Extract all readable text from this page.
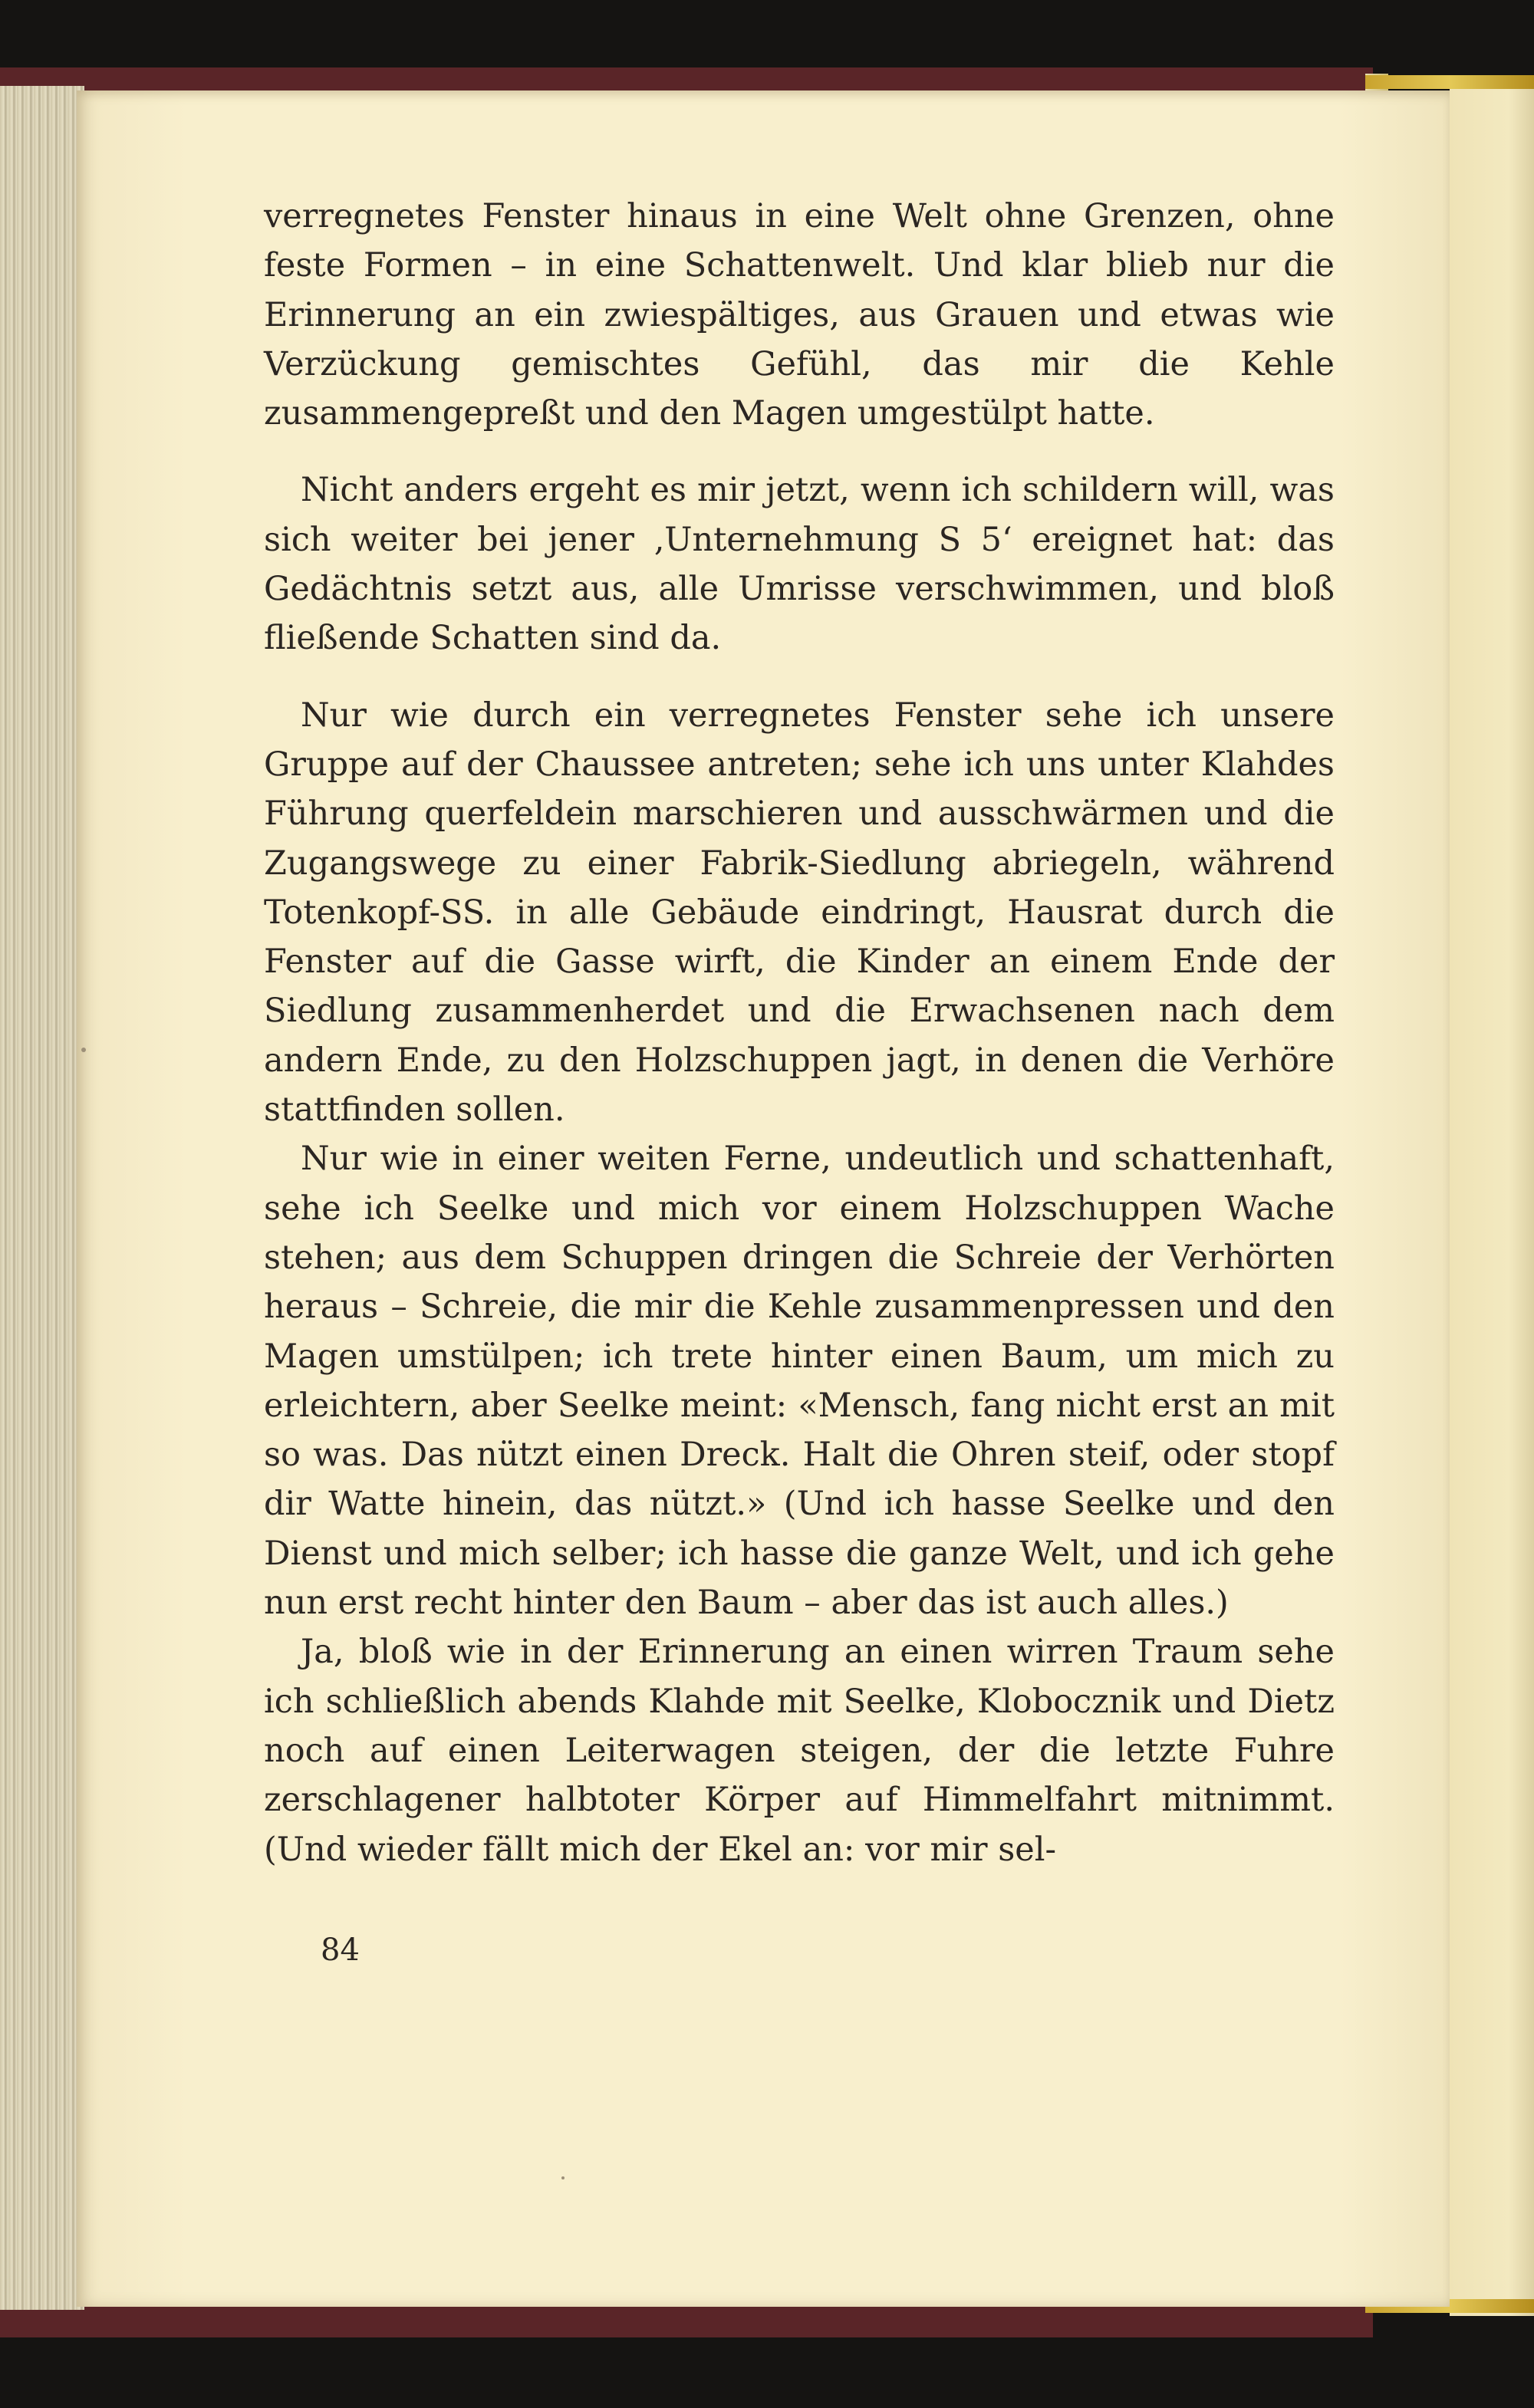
verregnetes Fenster hinaus in eine Welt ohne Grenzen, ohne feste Formen – in eine Schattenwelt. Und klar blieb nur die Erinnerung an ein zwiespältiges, aus Grauen und etwas wie Verzückung gemischtes Gefühl, das mir die Kehle zusammengepreßt und den Magen umgestülpt hatte.

Nicht anders ergeht es mir jetzt, wenn ich schildern will, was sich weiter bei jener ‚Unternehmung S 5‘ ereignet hat: das Gedächtnis setzt aus, alle Umrisse verschwimmen, und bloß fließende Schatten sind da.

Nur wie durch ein verregnetes Fenster sehe ich unsere Gruppe auf der Chaussee antreten; sehe ich uns unter Klahdes Führung querfeldein marschieren und ausschwärmen und die Zugangswege zu einer Fabrik-Siedlung abriegeln, während Totenkopf-SS. in alle Gebäude eindringt, Hausrat durch die Fenster auf die Gasse wirft, die Kinder an einem Ende der Siedlung zusammenherdet und die Erwachsenen nach dem andern Ende, zu den Holzschuppen jagt, in denen die Verhöre stattfinden sollen.

Nur wie in einer weiten Ferne, undeutlich und schattenhaft, sehe ich Seelke und mich vor einem Holzschuppen Wache stehen; aus dem Schuppen dringen die Schreie der Verhörten heraus – Schreie, die mir die Kehle zusammenpressen und den Magen umstülpen; ich trete hinter einen Baum, um mich zu erleichtern, aber Seelke meint: «Mensch, fang nicht erst an mit so was. Das nützt einen Dreck. Halt die Ohren steif, oder stopf dir Watte hinein, das nützt.» (Und ich hasse Seelke und den Dienst und mich selber; ich hasse die ganze Welt, und ich gehe nun erst recht hinter den Baum – aber das ist auch alles.)

Ja, bloß wie in der Erinnerung an einen wirren Traum sehe ich schließlich abends Klahde mit Seelke, Klobocznik und Dietz noch auf einen Leiterwagen steigen, der die letzte Fuhre zerschlagener halbtoter Körper auf Himmelfahrt mitnimmt. (Und wieder fällt mich der Ekel an: vor mir sel-

84
